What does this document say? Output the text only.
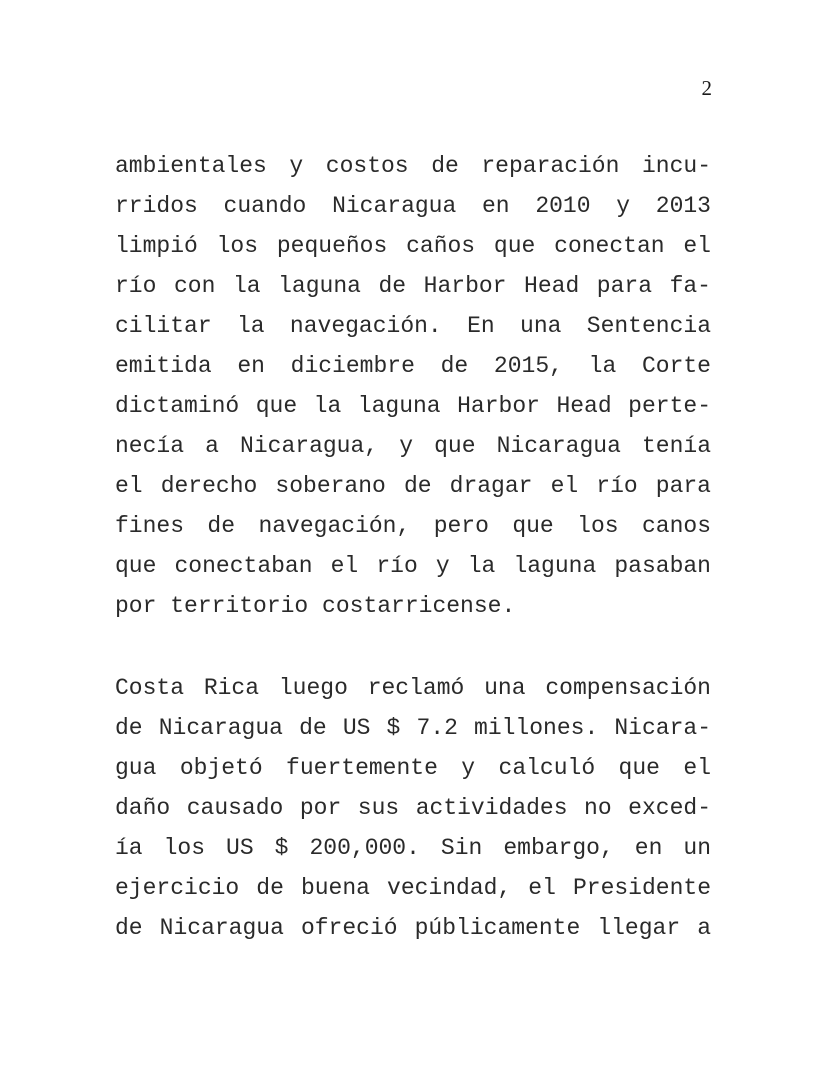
2
ambientales y costos de reparación incu-
rridos cuando Nicaragua en 2010 y 2013
limpió los pequeños caños que conectan el
río con la laguna de Harbor Head para fa-
cilitar la navegación. En una Sentencia
emitida en diciembre de 2015, la Corte
dictaminó que la laguna Harbor Head perte-
necía a Nicaragua, y que Nicaragua tenía
el derecho soberano de dragar el río para
fines de navegación, pero que los canos
que conectaban el río y la laguna pasaban
por territorio costarricense.
Costa Rica luego reclamó una compensación
de Nicaragua de US $ 7.2 millones. Nicara-
gua objetó fuertemente y calculó que el
daño causado por sus actividades no exced-
ía los US $ 200,000. Sin embargo, en un
ejercicio de buena vecindad, el Presidente
de Nicaragua ofreció públicamente llegar a
